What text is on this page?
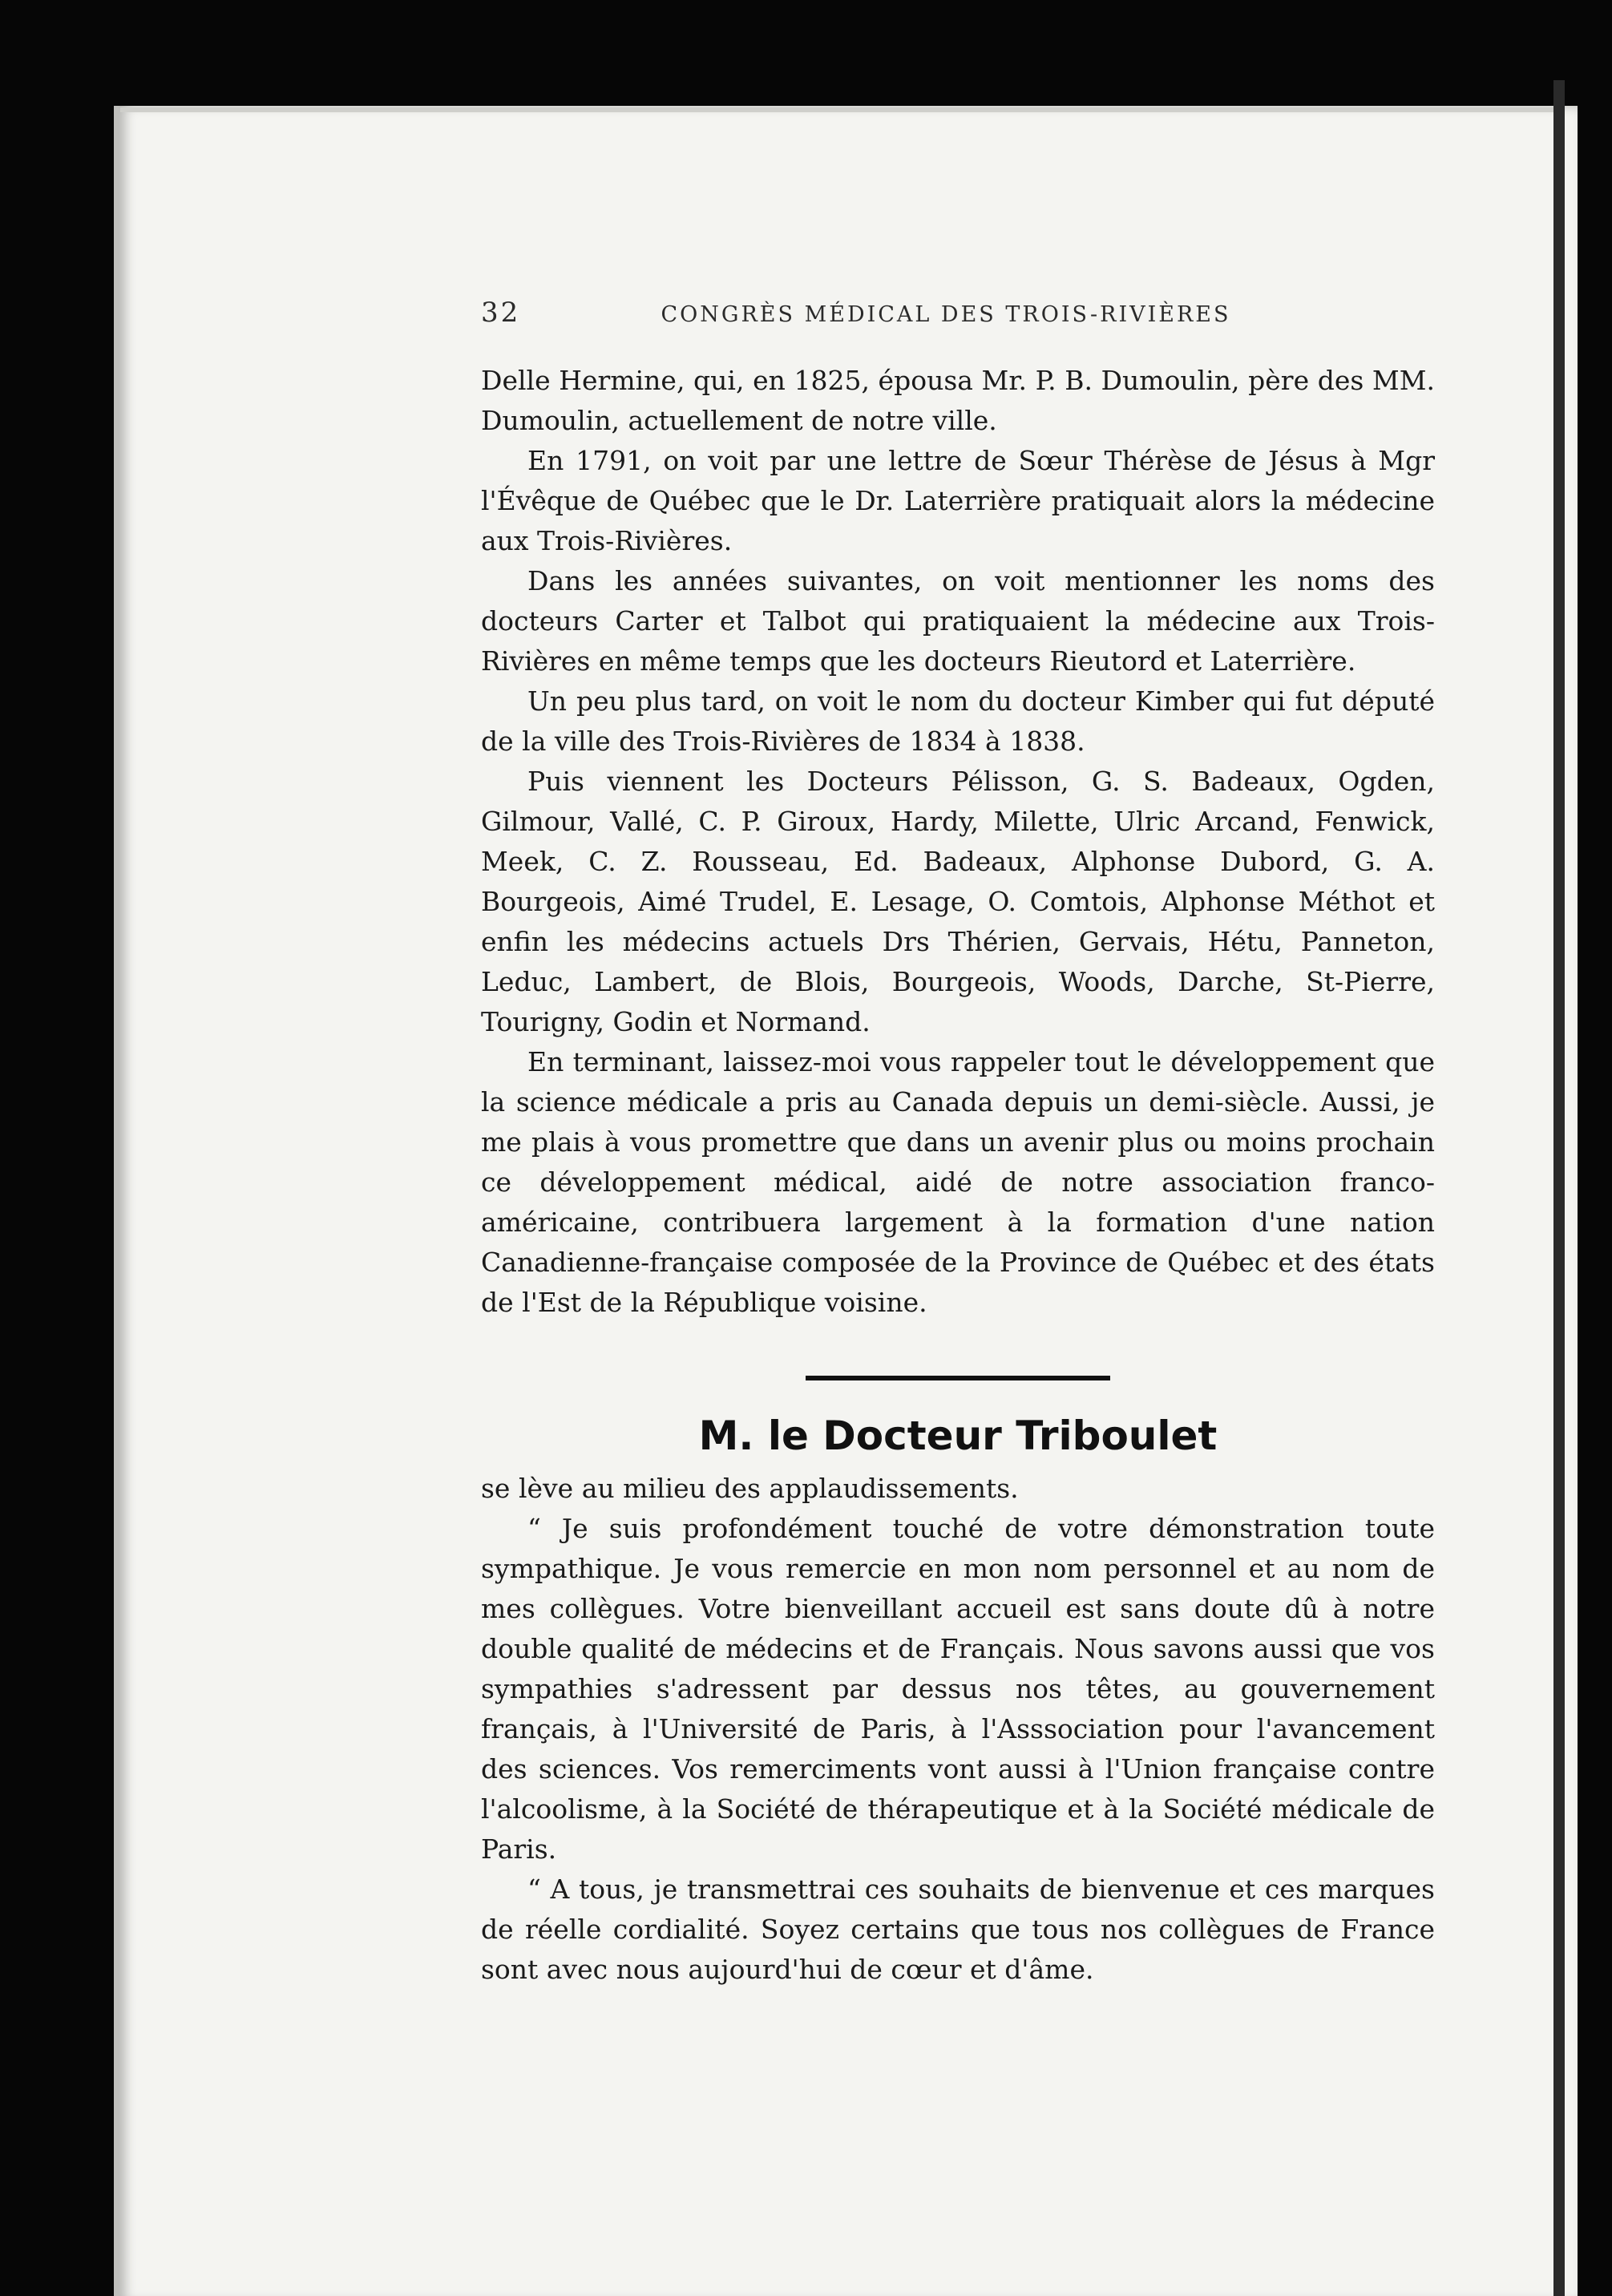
32	CONGRÈS MÉDICAL DES TROIS-RIVIÈRES

Delle Hermine, qui, en 1825, épousa Mr. P. B. Dumoulin, père des MM. Dumoulin, actuellement de notre ville.

En 1791, on voit par une lettre de Sœur Thérèse de Jésus à Mgr l'Évêque de Québec que le Dr. Laterrière pratiquait alors la médecine aux Trois-Rivières.

Dans les années suivantes, on voit mentionner les noms des docteurs Carter et Talbot qui pratiquaient la médecine aux Trois-Rivières en même temps que les docteurs Rieutord et Laterrière.

Un peu plus tard, on voit le nom du docteur Kimber qui fut député de la ville des Trois-Rivières de 1834 à 1838.

Puis viennent les Docteurs Pélisson, G. S. Badeaux, Ogden, Gilmour, Vallé, C. P. Giroux, Hardy, Milette, Ulric Arcand, Fenwick, Meek, C. Z. Rousseau, Ed. Badeaux, Alphonse Dubord, G. A. Bourgeois, Aimé Trudel, E. Lesage, O. Comtois, Alphonse Méthot et enfin les médecins actuels Drs Thérien, Gervais, Hétu, Panneton, Leduc, Lambert, de Blois, Bourgeois, Woods, Darche, St-Pierre, Tourigny, Godin et Normand.

En terminant, laissez-moi vous rappeler tout le développement que la science médicale a pris au Canada depuis un demi-siècle. Aussi, je me plais à vous promettre que dans un avenir plus ou moins prochain ce développement médical, aidé de notre association franco-américaine, contribuera largement à la formation d'une nation Canadienne-française composée de la Province de Québec et des états de l'Est de la République voisine.

M. le Docteur Triboulet

se lève au milieu des applaudissements.

“ Je suis profondément touché de votre démonstration toute sympathique. Je vous remercie en mon nom personnel et au nom de mes collègues. Votre bienveillant accueil est sans doute dû à notre double qualité de médecins et de Français. Nous savons aussi que vos sympathies s'adressent par dessus nos têtes, au gouvernement français, à l'Université de Paris, à l'Asssociation pour l'avancement des sciences. Vos remerciments vont aussi à l'Union française contre l'alcoolisme, à la Société de thérapeutique et à la Société médicale de Paris.

“ A tous, je transmettrai ces souhaits de bienvenue et ces marques de réelle cordialité. Soyez certains que tous nos collègues de France sont avec nous aujourd'hui de cœur et d'âme.
